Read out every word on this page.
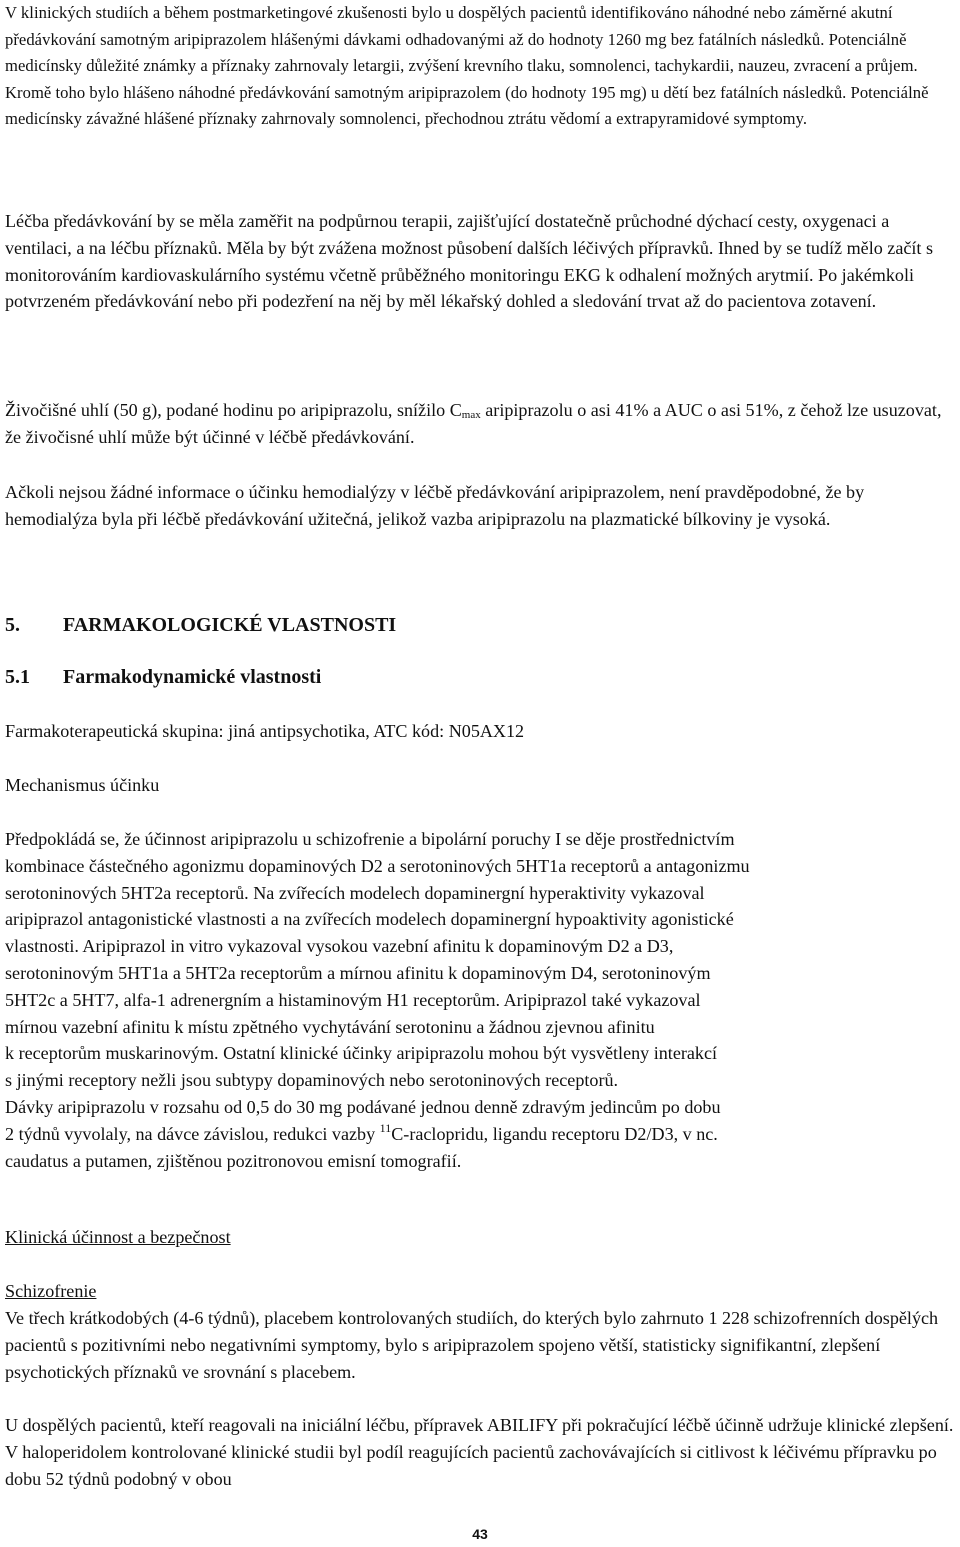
V klinických studiích a během postmarketingové zkušenosti bylo u dospělých pacientů identifikováno náhodné nebo záměrné akutní předávkování samotným aripiprazolem hlášenými dávkami odhadovanými až do hodnoty 1260 mg bez fatálních následků. Potenciálně medicínsky důležité známky a příznaky zahrnovaly letargii, zvýšení krevního tlaku, somnolenci, tachykardii, nauzeu, zvracení a průjem. Kromě toho bylo hlášeno náhodné předávkování samotným aripiprazolem (do hodnoty 195 mg) u dětí bez fatálních následků. Potenciálně medicínsky závažné hlášené příznaky zahrnovaly somnolenci, přechodnou ztrátu vědomí a extrapyramidové symptomy.

Léčba předávkování by se měla zaměřit na podpůrnou terapii, zajišťující dostatečně průchodné dýchací cesty, oxygenaci a ventilaci, a na léčbu příznaků. Měla by být zvážena možnost působení dalších léčivých přípravků. Ihned by se tudíž mělo začít s monitorováním kardiovaskulárního systému včetně průběžného monitoringu EKG k odhalení možných arytmií. Po jakémkoli potvrzeném předávkování nebo při podezření na něj by měl lékařský dohled a sledování trvat až do pacientova zotavení.

Živočišné uhlí (50 g), podané hodinu po aripiprazolu, snížilo $C_{max}$ aripiprazolu o asi 41% a AUC o asi 51%, z čehož lze usuzovat, že živočisné uhlí může být účinné v léčbě předávkování.

Ačkoli nejsou žádné informace o účinku hemodialýzy v léčbě předávkování aripiprazolem, není pravděpodobné, že by hemodialýza byla při léčbě předávkování užitečná, jelikož vazba aripiprazolu na plazmatické bílkoviny je vysoká.

5. FARMAKOLOGICKÉ VLASTNOSTI

5.1 Farmakodynamické vlastnosti

Farmakoterapeutická skupina: jiná antipsychotika, ATC kód: N05AX12

Mechanismus účinku

Předpokládá se, že účinnost aripiprazolu u schizofrenie a bipolární poruchy I se děje prostřednictvím
kombinace částečného agonizmu dopaminových D2 a serotoninových 5HT1a receptorů a antagonizmu
serotoninových 5HT2a receptorů. Na zvířecích modelech dopaminergní hyperaktivity vykazoval
aripiprazol antagonistické vlastnosti a na zvířecích modelech dopaminergní hypoaktivity agonistické
vlastnosti. Aripiprazol in vitro vykazoval vysokou vazební afinitu k dopaminovým D2 a D3,
serotoninovým 5HT1a a 5HT2a receptorům a mírnou afinitu k dopaminovým D4, serotoninovým
5HT2c a 5HT7, alfa-1 adrenergním a histaminovým H1 receptorům. Aripiprazol také vykazoval
mírnou vazební afinitu k místu zpětného vychytávání serotoninu a žádnou zjevnou afinitu
k receptorům muskarinovým. Ostatní klinické účinky aripiprazolu mohou být vysvětleny interakcí
s jinými receptory nežli jsou subtypy dopaminových nebo serotoninových receptorů.
Dávky aripiprazolu v rozsahu od 0,5 do 30 mg podávané jednou denně zdravým jedincům po dobu
2 týdnů vyvolaly, na dávce závislou, redukci vazby $^{11}$C-raclopridu, ligandu receptoru D2/D3, v nc.
caudatus a putamen, zjištěnou pozitronovou emisní tomografií.

Klinická účinnost a bezpečnost

Schizofrenie

Ve třech krátkodobých (4-6 týdnů), placebem kontrolovaných studiích, do kterých bylo zahrnuto 1 228 schizofrenních dospělých pacientů s pozitivními nebo negativními symptomy, bylo s aripiprazolem spojeno větší, statisticky signifikantní, zlepšení psychotických příznaků ve srovnání s placebem.

U dospělých pacientů, kteří reagovali na iniciální léčbu, přípravek ABILIFY při pokračující léčbě účinně udržuje klinické zlepšení. V haloperidolem kontrolované klinické studii byl podíl reagujících pacientů zachovávajících si citlivost k léčivému přípravku po dobu 52 týdnů podobný v obou

43
